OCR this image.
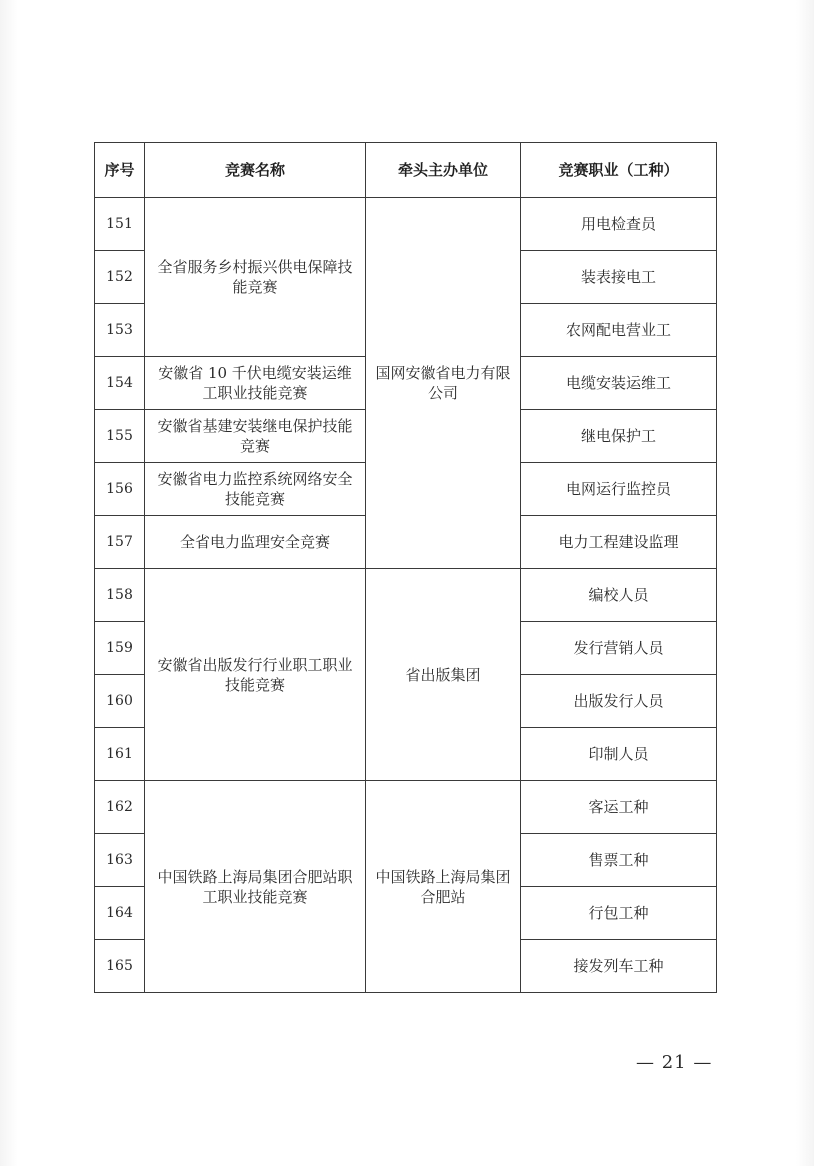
序号	竞赛名称	牵头主办单位	竞赛职业（工种）
151	全省服务乡村振兴供电保障技能竞赛	国网安徽省电力有限公司	用电检查员
152			装表接电工
153			农网配电营业工
154	安徽省 10 千伏电缆安装运维工职业技能竞赛		电缆安装运维工
155	安徽省基建安装继电保护技能竞赛		继电保护工
156	安徽省电力监控系统网络安全技能竞赛		电网运行监控员
157	全省电力监理安全竞赛		电力工程建设监理
158	安徽省出版发行行业职工职业技能竞赛	省出版集团	编校人员
159			发行营销人员
160			出版发行人员
161			印制人员
162	中国铁路上海局集团合肥站职工职业技能竞赛	中国铁路上海局集团合肥站	客运工种
163			售票工种
164			行包工种
165			接发列车工种
— 21 —
